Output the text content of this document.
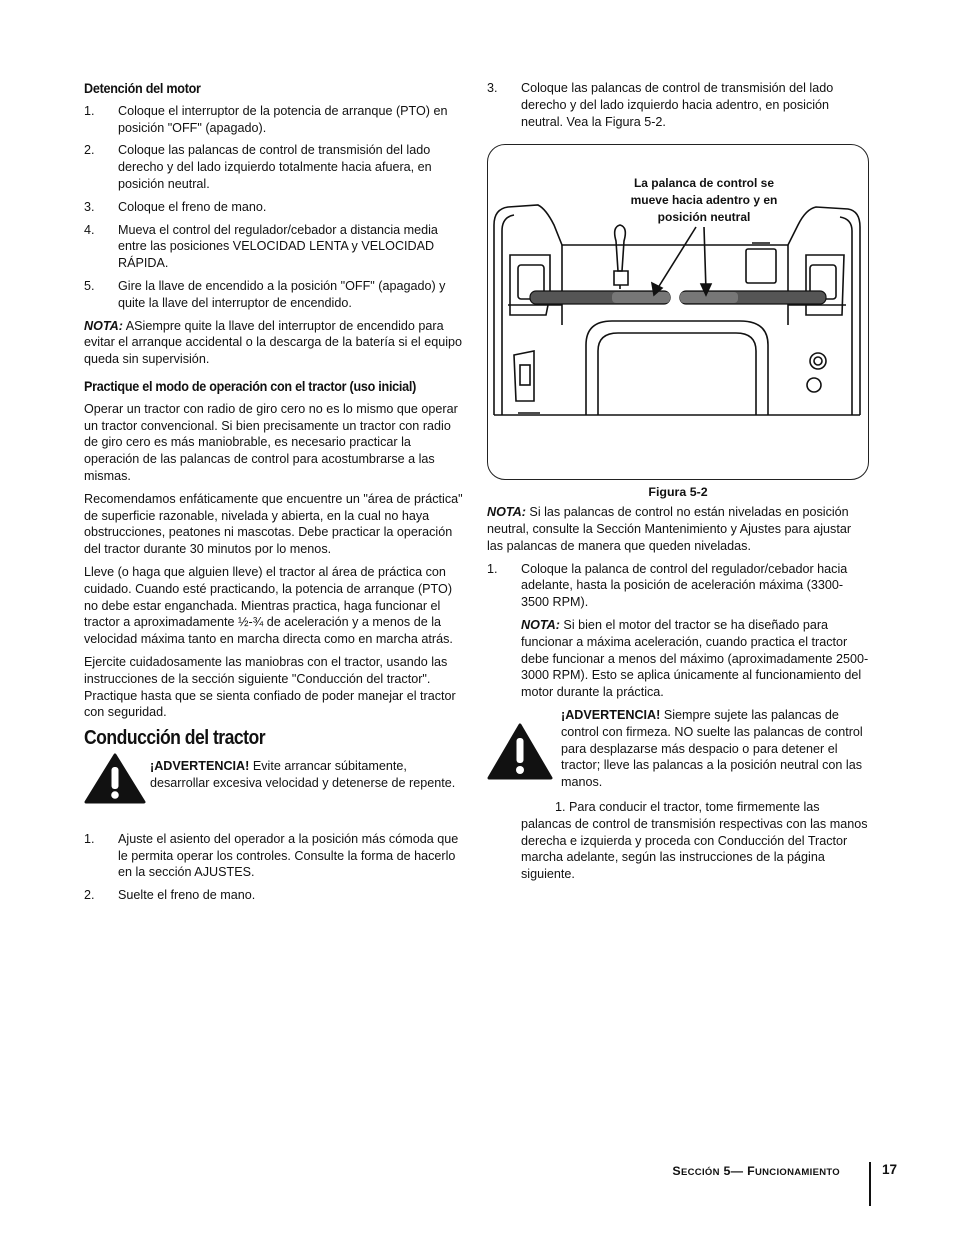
Detención del motor
1. Coloque el interruptor de la potencia de arranque (PTO) en posición "OFF" (apagado).
2. Coloque las palancas de control de transmisión del lado derecho y del lado izquierdo totalmente hacia afuera, en posición neutral.
3. Coloque el freno de mano.
4. Mueva el control del regulador/cebador a distancia media entre las posiciones VELOCIDAD LENTA y VELOCIDAD RÁPIDA.
5. Gire la llave de encendido a la posición "OFF" (apagado) y quite la llave del interruptor de encendido.

NOTA: ASiempre quite la llave del interruptor de encendido para evitar el arranque accidental o la descarga de la batería si el equipo queda sin supervisión.

Practique el modo de operación con el tractor (uso inicial)

Operar un tractor con radio de giro cero no es lo mismo que operar un tractor convencional. Si bien precisamente un tractor con radio de giro cero es más maniobrable, es necesario practicar la operación de las palancas de control para acostumbrarse a las mismas.

Recomendamos enfáticamente que encuentre un "área de práctica" de superficie razonable, nivelada y abierta, en la cual no haya obstrucciones, peatones ni mascotas. Debe practicar la operación del tractor durante 30 minutos por lo menos.

Lleve (o haga que alguien lleve) el tractor al área de práctica con cuidado. Cuando esté practicando, la potencia de arranque (PTO) no debe estar enganchada. Mientras practica, haga funcionar el tractor a aproximadamente ½-¾ de aceleración y a menos de la velocidad máxima tanto en marcha directa como en marcha atrás.

Ejercite cuidadosamente las maniobras con el tractor, usando las instrucciones de la sección siguiente "Conducción del tractor". Practique hasta que se sienta confiado de poder manejar el tractor con seguridad.

Conducción del tractor
¡ADVERTENCIA! Evite arrancar súbitamente, desarrollar excesiva velocidad y detenerse de repente.
1. Ajuste el asiento del operador a la posición más cómoda que le permita operar los controles. Consulte la forma de hacerlo en la sección AJUSTES.
2. Suelte el freno de mano.
3. Coloque las palancas de control de transmisión del lado derecho y del lado izquierdo hacia adentro, en posición neutral. Vea la Figura 5-2.
La palanca de control se mueve hacia adentro y en posición neutral
Figura 5-2

NOTA: Si las palancas de control no están niveladas en posición neutral, consulte la Sección Mantenimiento y Ajustes para ajustar las palancas de manera que queden niveladas.

1. Coloque la palanca de control del regulador/cebador hacia adelante, hasta la posición de aceleración máxima (3300-3500 RPM).

NOTA: Si bien el motor del tractor se ha diseñado para funcionar a máxima aceleración, cuando practica el tractor debe funcionar a menos del máximo (aproximadamente 2500-3000 RPM). Esto se aplica únicamente al funcionamiento del motor durante la práctica.

¡ADVERTENCIA! Siempre sujete las palancas de control con firmeza. NO suelte las palancas de control para desplazarse más despacio o para detener el tractor; lleve las palancas a la posición neutral con las manos.

1. Para conducir el tractor, tome firmemente las palancas de control de transmisión respectivas con las manos derecha e izquierda y proceda con Conducción del Tractor marcha adelante, según las instrucciones de la página siguiente.

SECCIÓN 5— FUNCIONAMIENTO	17
